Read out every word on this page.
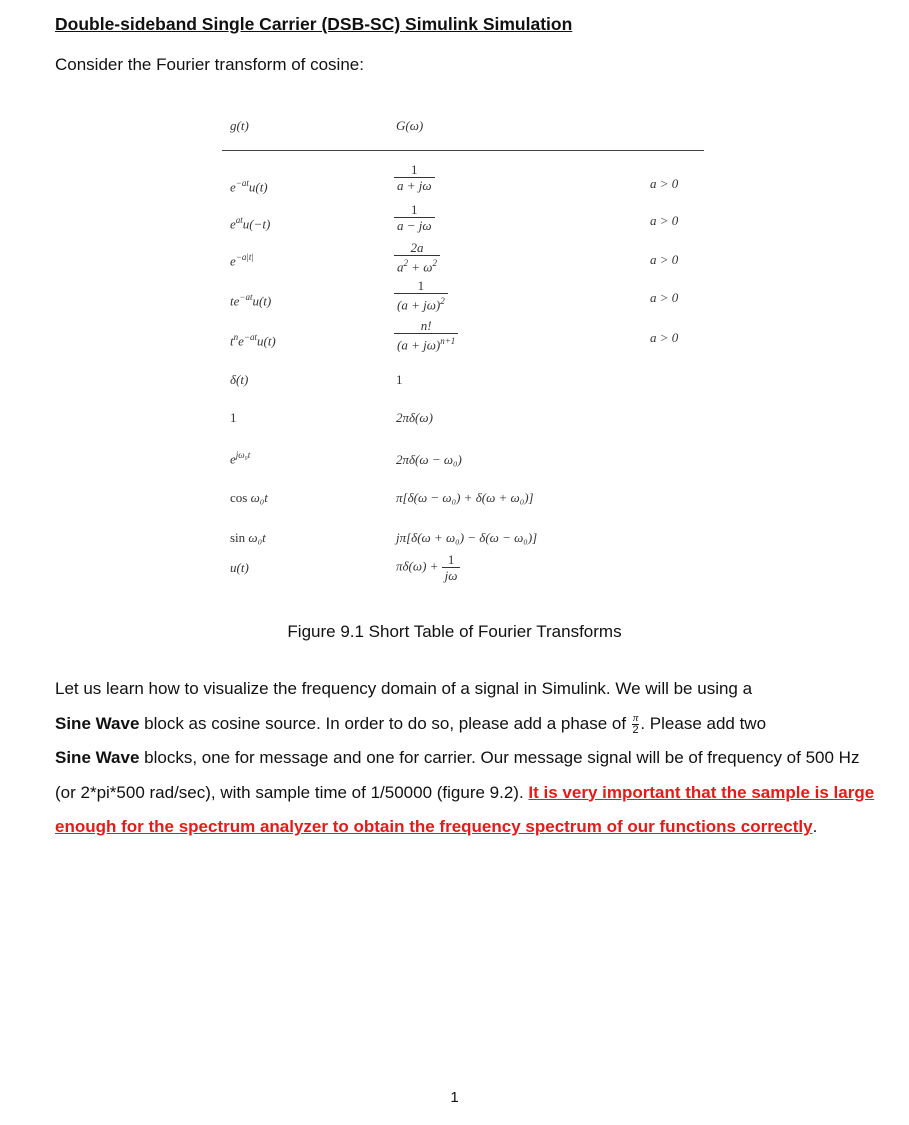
Double-sideband Single Carrier (DSB-SC) Simulink Simulation
Consider the Fourier transform of cosine:
g(t)	G(ω)
$e^{-at}u(t)$	$\frac{1}{a + j\omega}$	a > 0
$e^{at}u(-t)$	$\frac{1}{a - j\omega}$	a > 0
$e^{-a|t|}$	$\frac{2a}{a^2 + \omega^2}$	a > 0
$te^{-at}u(t)$	$\frac{1}{(a + j\omega)^2}$	a > 0
$t^ne^{-at}u(t)$	$\frac{n!}{(a + j\omega)^{n+1}}$	a > 0
δ(t)	1
1	2πδ(ω)
$e^{j\omega_0t}$	2πδ(ω − ω₀)
cos ω₀t	π[δ(ω − ω₀) + δ(ω + ω₀)]
sin ω₀t	jπ[δ(ω + ω₀) − δ(ω − ω₀)]
u(t)	$\pi\delta(\omega) + \frac{1}{j\omega}$
Figure 9.1 Short Table of Fourier Transforms
Let us learn how to visualize the frequency domain of a signal in Simulink. We will be using a
Sine Wave block as cosine source. In order to do so, please add a phase of $\frac{\pi}{2}$ . Please add two
Sine Wave blocks, one for message and one for carrier. Our message signal will be of frequency of 500 Hz (or 2*pi*500 rad/sec), with sample time of 1/50000 (figure 9.2). It is very important that the sample is large enough for the spectrum analyzer to obtain the frequency spectrum of our functions correctly.
1
